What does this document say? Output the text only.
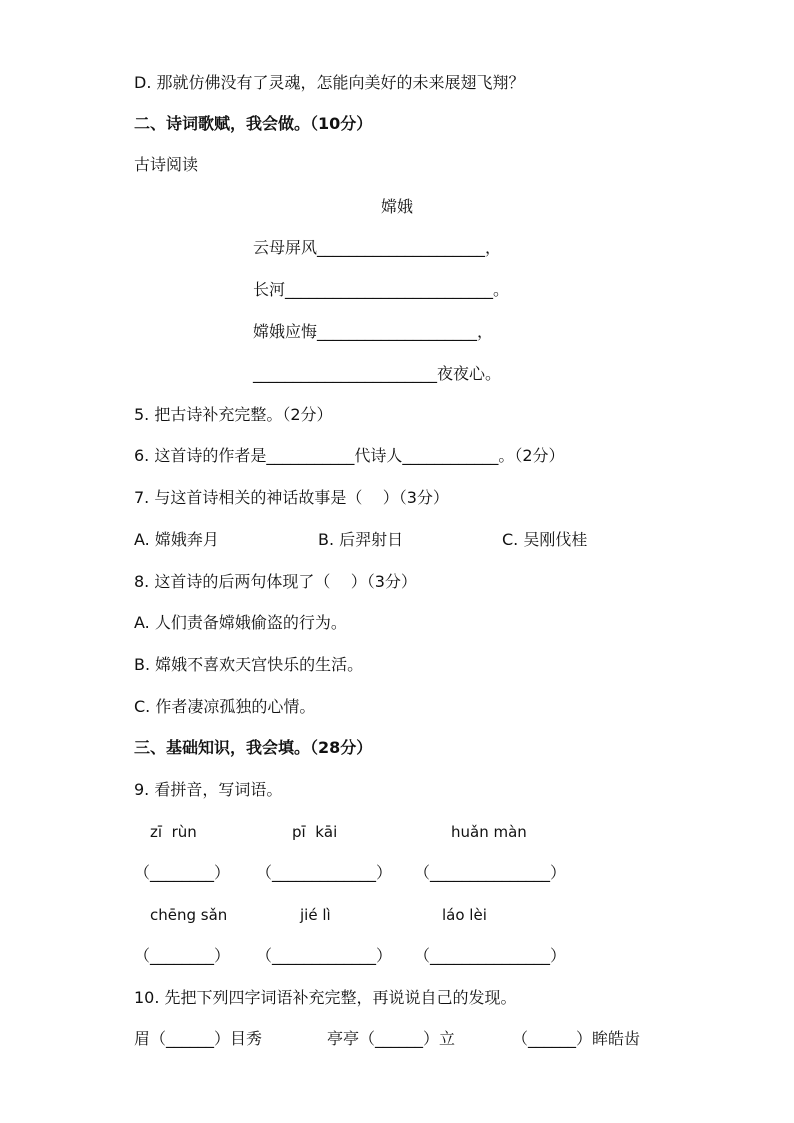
D. 那就仿佛没有了灵魂，怎能向美好的未来展翅飞翔？
二、诗词歌赋，我会做。（10分）
古诗阅读
嫦娥
云母屏风_____________________，
长河__________________________。
嫦娥应悔____________________，
_______________________夜夜心。
5. 把古诗补充完整。（2分）
6. 这首诗的作者是___________代诗人____________。（2分）
7. 与这首诗相关的神话故事是（    ）（3分）
A. 嫦娥奔月	B. 后羿射日	C. 吴刚伐桂
8. 这首诗的后两句体现了（    ）（3分）
A. 人们责备嫦娥偷盗的行为。
B. 嫦娥不喜欢天宫快乐的生活。
C. 作者凄凉孤独的心情。
三、基础知识，我会填。（28分）
9. 看拼音，写词语。
zī  rùn	pī  kāi	huǎn màn
（________） （_____________） （_______________）
chēng sǎn	jié lì	láo lèi
（________） （_____________） （_______________）
10. 先把下列四字词语补充完整，再说说自己的发现。
眉（______）目秀	亭亭（______）立	（______）眸皓齿
